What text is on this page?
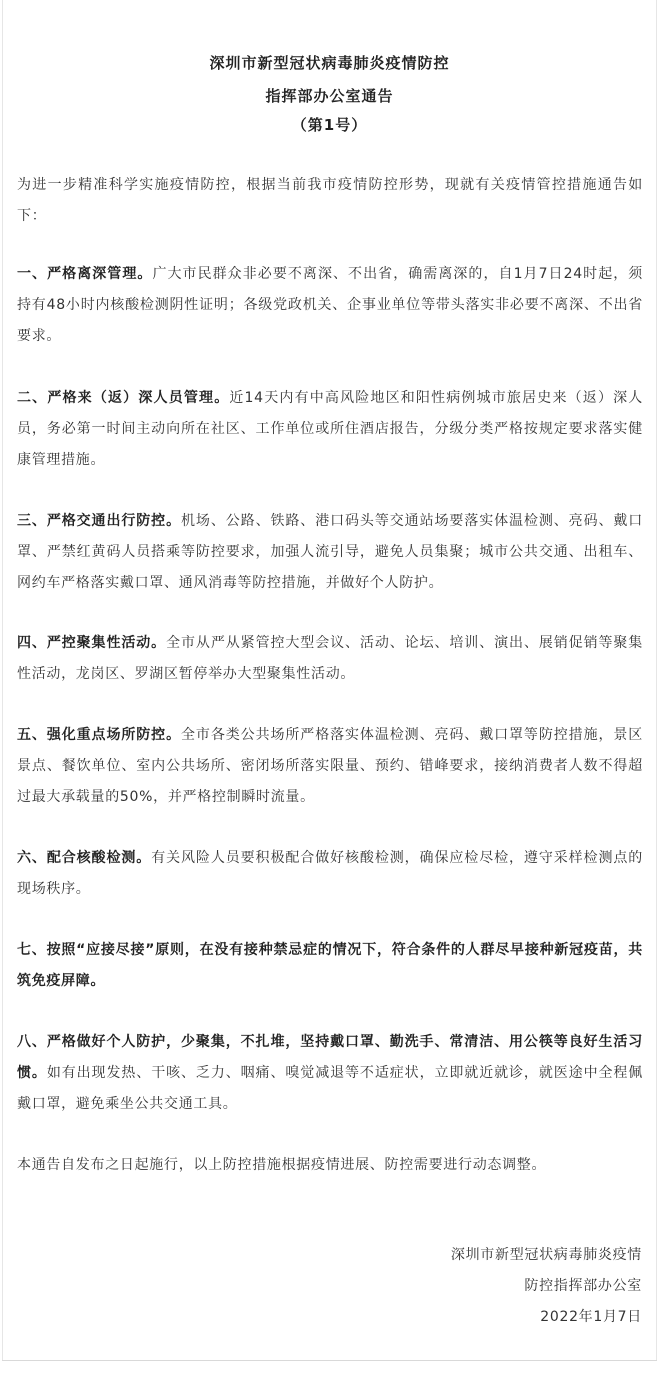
深圳市新型冠状病毒肺炎疫情防控
指挥部办公室通告
（第1号）
为进一步精准科学实施疫情防控，根据当前我市疫情防控形势，现就有关疫情管控措施通告如下：
一、严格离深管理。广大市民群众非必要不离深、不出省，确需离深的，自1月7日24时起，须持有48小时内核酸检测阴性证明；各级党政机关、企事业单位等带头落实非必要不离深、不出省要求。
二、严格来（返）深人员管理。近14天内有中高风险地区和阳性病例城市旅居史来（返）深人员，务必第一时间主动向所在社区、工作单位或所住酒店报告，分级分类严格按规定要求落实健康管理措施。
三、严格交通出行防控。机场、公路、铁路、港口码头等交通站场要落实体温检测、亮码、戴口罩、严禁红黄码人员搭乘等防控要求，加强人流引导，避免人员集聚；城市公共交通、出租车、网约车严格落实戴口罩、通风消毒等防控措施，并做好个人防护。
四、严控聚集性活动。全市从严从紧管控大型会议、活动、论坛、培训、演出、展销促销等聚集性活动，龙岗区、罗湖区暂停举办大型聚集性活动。
五、强化重点场所防控。全市各类公共场所严格落实体温检测、亮码、戴口罩等防控措施，景区景点、餐饮单位、室内公共场所、密闭场所落实限量、预约、错峰要求，接纳消费者人数不得超过最大承载量的50%，并严格控制瞬时流量。
六、配合核酸检测。有关风险人员要积极配合做好核酸检测，确保应检尽检，遵守采样检测点的现场秩序。
七、按照“应接尽接”原则，在没有接种禁忌症的情况下，符合条件的人群尽早接种新冠疫苗，共筑免疫屏障。
八、严格做好个人防护，少聚集，不扎堆，坚持戴口罩、勤洗手、常清洁、用公筷等良好生活习惯。如有出现发热、干咳、乏力、咽痛、嗅觉减退等不适症状，立即就近就诊，就医途中全程佩戴口罩，避免乘坐公共交通工具。
本通告自发布之日起施行，以上防控措施根据疫情进展、防控需要进行动态调整。
深圳市新型冠状病毒肺炎疫情
防控指挥部办公室
2022年1月7日
